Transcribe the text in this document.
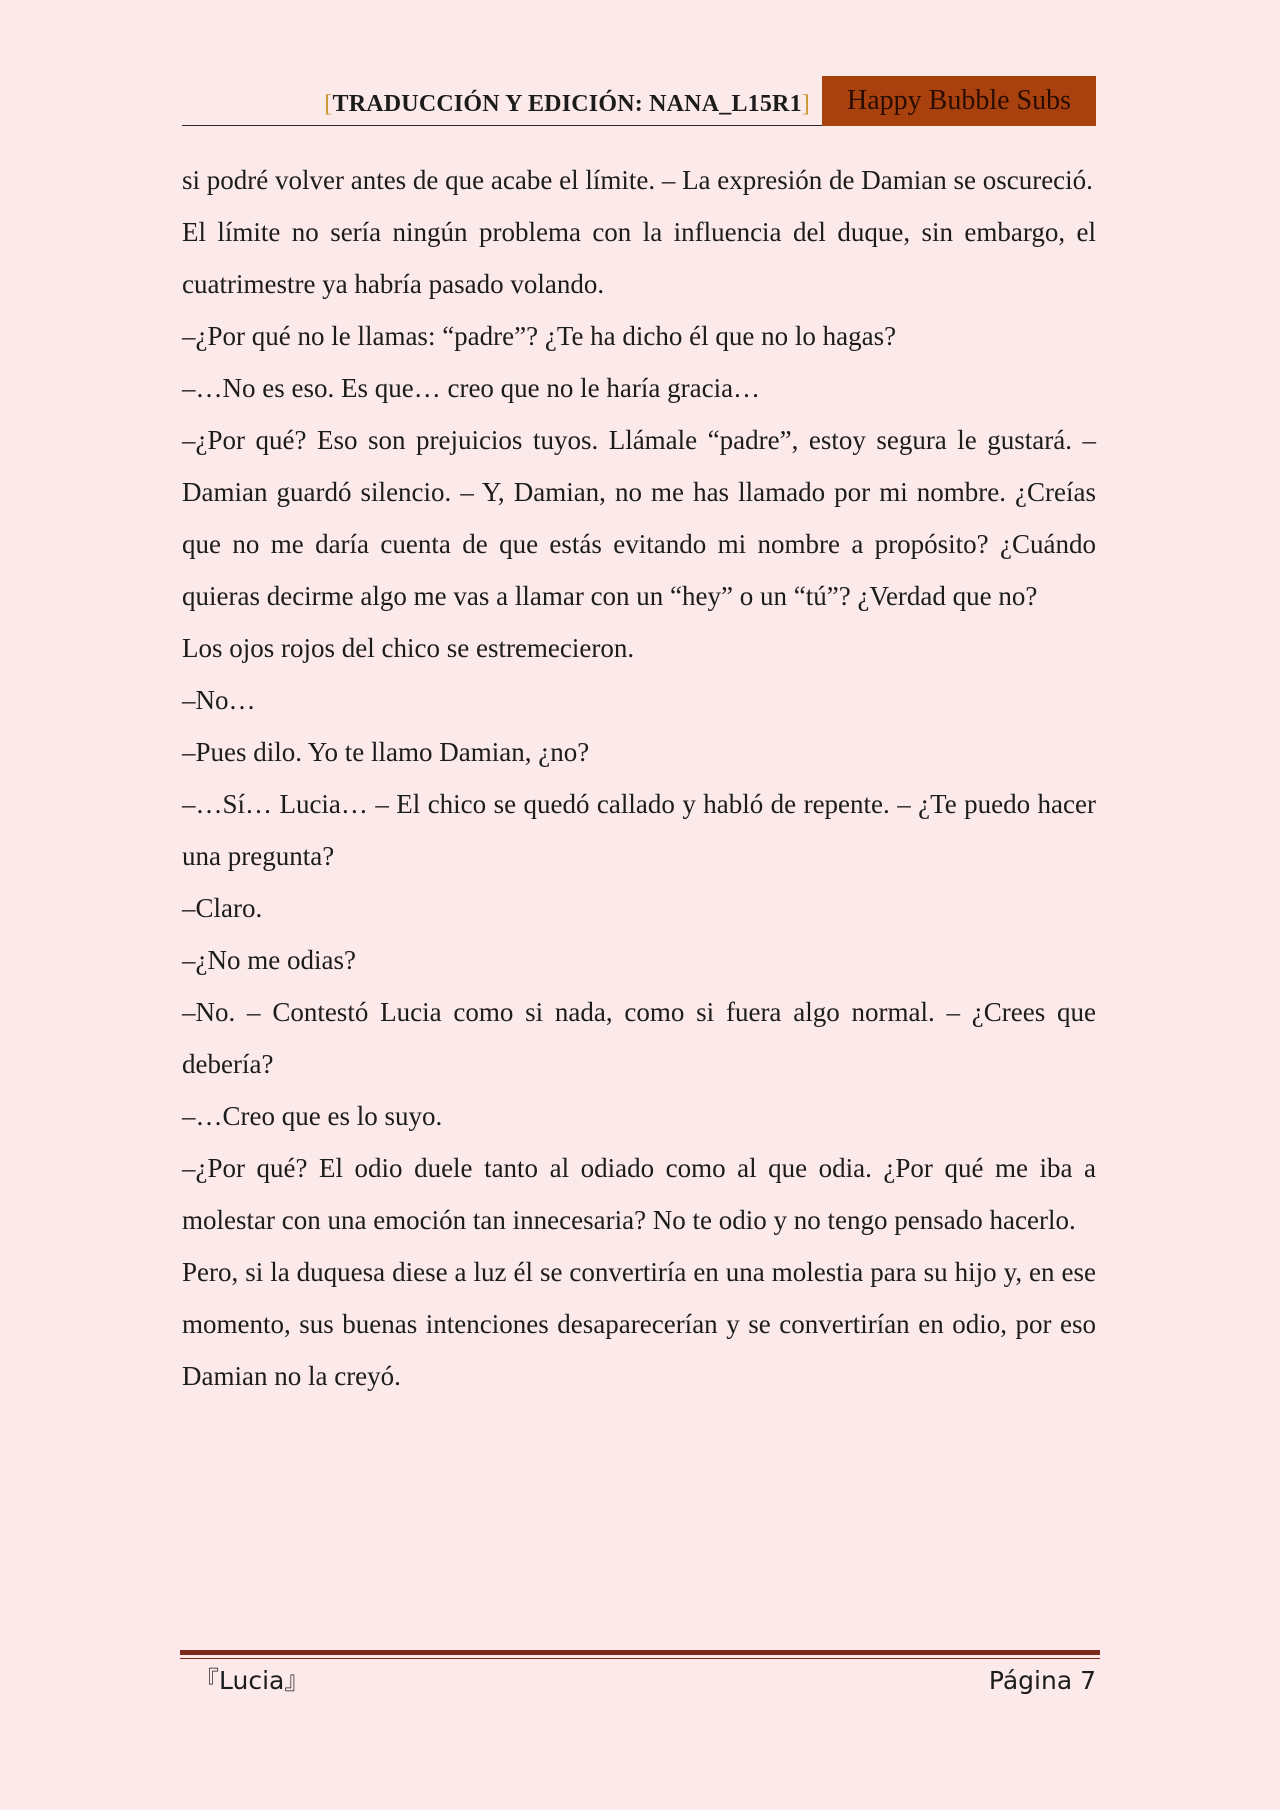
[TRADUCCIÓN Y EDICIÓN: NANA_L15R1]	Happy Bubble Subs

si podré volver antes de que acabe el límite. – La expresión de Damian se oscureció.

El límite no sería ningún problema con la influencia del duque, sin embargo, el cuatrimestre ya habría pasado volando.

–¿Por qué no le llamas: “padre”? ¿Te ha dicho él que no lo hagas?

–…No es eso. Es que… creo que no le haría gracia…

–¿Por qué? Eso son prejuicios tuyos. Llámale “padre”, estoy segura le gustará. – Damian guardó silencio. – Y, Damian, no me has llamado por mi nombre. ¿Creías que no me daría cuenta de que estás evitando mi nombre a propósito? ¿Cuándo quieras decirme algo me vas a llamar con un “hey” o un “tú”? ¿Verdad que no?

Los ojos rojos del chico se estremecieron.

–No…

–Pues dilo. Yo te llamo Damian, ¿no?

–…Sí… Lucia… – El chico se quedó callado y habló de repente. – ¿Te puedo hacer una pregunta?

–Claro.

–¿No me odias?

–No. – Contestó Lucia como si nada, como si fuera algo normal. – ¿Crees que debería?

–…Creo que es lo suyo.

–¿Por qué? El odio duele tanto al odiado como al que odia. ¿Por qué me iba a molestar con una emoción tan innecesaria? No te odio y no tengo pensado hacerlo.

Pero, si la duquesa diese a luz él se convertiría en una molestia para su hijo y, en ese momento, sus buenas intenciones desaparecerían y se convertirían en odio, por eso Damian no la creyó.

『Lucia』	Página 7
